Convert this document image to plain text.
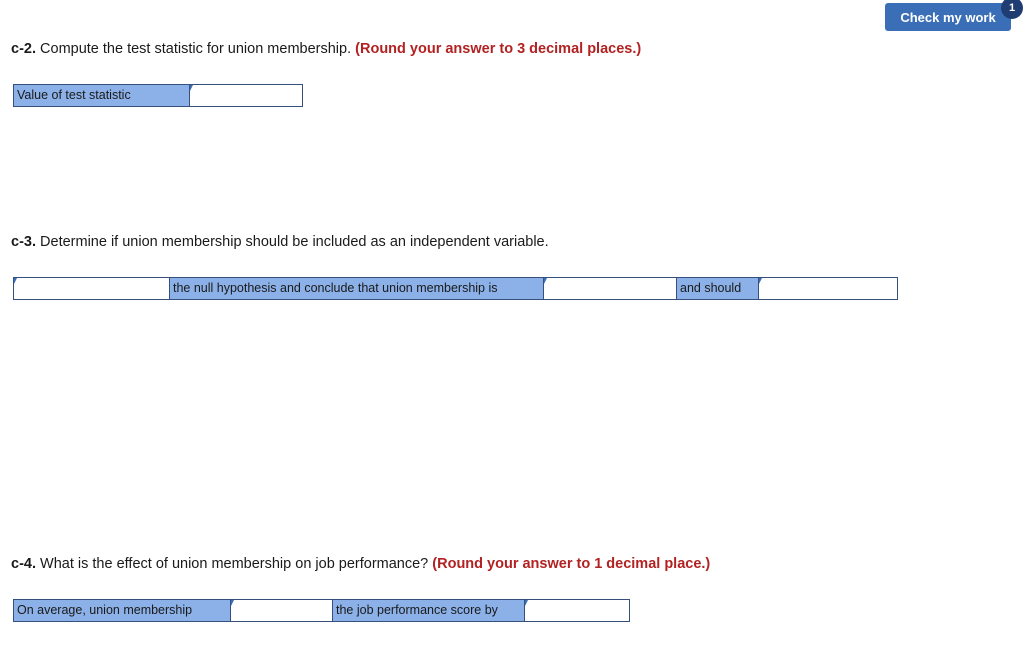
Check my work
1
c-2. Compute the test statistic for union membership. (Round your answer to 3 decimal places.)
Value of test statistic
c-3. Determine if union membership should be included as an independent variable.
the null hypothesis and conclude that union membership is	and should
c-4. What is the effect of union membership on job performance? (Round your answer to 1 decimal place.)
On average, union membership	the job performance score by
